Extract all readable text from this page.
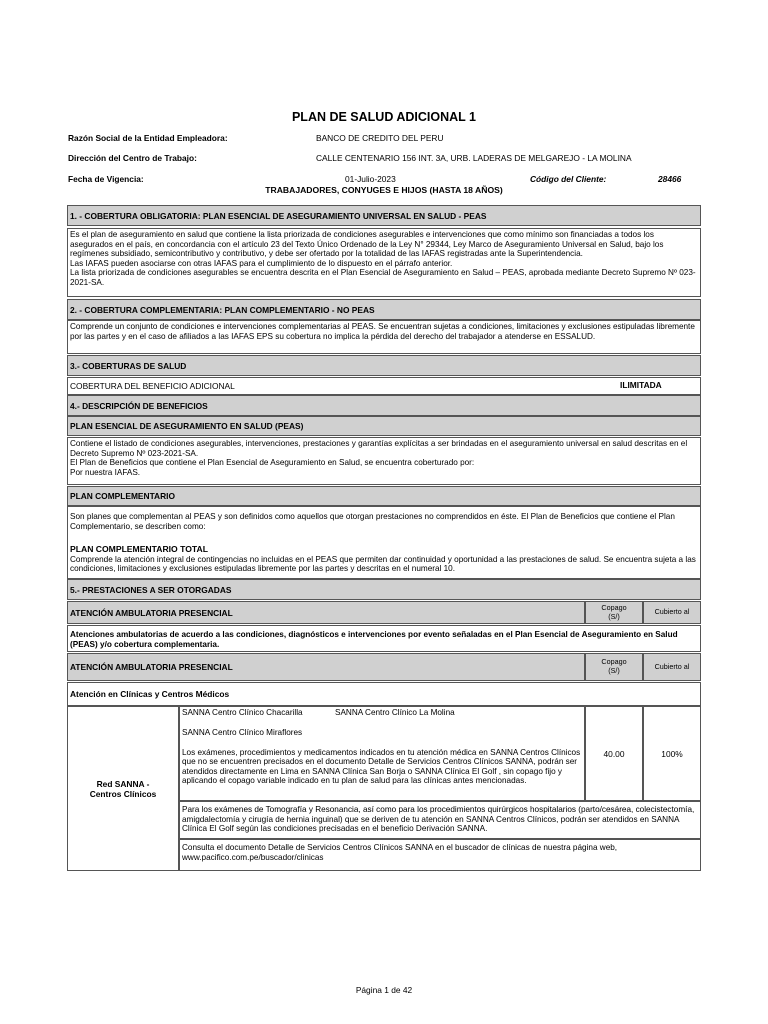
PLAN DE SALUD ADICIONAL 1
Razón Social de la Entidad Empleadora:	BANCO DE CREDITO DEL PERU
Dirección del Centro de Trabajo:	CALLE CENTENARIO 156 INT. 3A, URB. LADERAS DE MELGAREJO - LA MOLINA
Fecha de Vigencia:	01-Julio-2023	Código del Cliente:	28466
TRABAJADORES, CONYUGES E HIJOS (HASTA 18 AÑOS)
1. - COBERTURA OBLIGATORIA: PLAN ESENCIAL DE ASEGURAMIENTO UNIVERSAL EN SALUD - PEAS
Es el plan de aseguramiento en salud que contiene la lista priorizada de condiciones asegurables e intervenciones que como mínimo son financiadas a todos los asegurados en el país, en concordancia con el artículo 23 del Texto Único Ordenado de la Ley N° 29344, Ley Marco de Aseguramiento Universal en Salud, bajo los regímenes subsidiado, semicontributivo y contributivo, y debe ser ofertado por la totalidad de las IAFAS registradas ante la Superintendencia.
Las IAFAS pueden asociarse con otras IAFAS para el cumplimiento de lo dispuesto en el párrafo anterior.
La lista priorizada de condiciones asegurables se encuentra descrita en el Plan Esencial de Aseguramiento en Salud – PEAS, aprobada mediante Decreto Supremo Nº 023-2021-SA.
2. - COBERTURA COMPLEMENTARIA: PLAN COMPLEMENTARIO - NO PEAS
Comprende un conjunto de condiciones e intervenciones complementarias al PEAS. Se encuentran sujetas a condiciones, limitaciones y exclusiones estipuladas libremente por las partes y en el caso de afiliados a las IAFAS EPS su cobertura no implica la pérdida del derecho del trabajador a atenderse en ESSALUD.
3.- COBERTURAS DE SALUD
COBERTURA DEL BENEFICIO ADICIONAL	ILIMITADA
4.- DESCRIPCIÓN DE BENEFICIOS
PLAN ESENCIAL DE ASEGURAMIENTO EN SALUD (PEAS)
Contiene el listado de condiciones asegurables, intervenciones, prestaciones y garantías explícitas a ser brindadas en el aseguramiento universal en salud descritas en el Decreto Supremo Nº 023-2021-SA.
El Plan de Beneficios que contiene el Plan Esencial de Aseguramiento en Salud, se encuentra coberturado por:
Por nuestra IAFAS.
PLAN COMPLEMENTARIO
Son planes que complementan al PEAS y son definidos como aquellos que otorgan prestaciones no comprendidos en éste. El Plan de Beneficios que contiene el Plan Complementario, se describen como:
PLAN COMPLEMENTARIO TOTAL
Comprende la atención integral de contingencias no incluidas en el PEAS que permiten dar continuidad y oportunidad a las prestaciones de salud. Se encuentra sujeta a las condiciones, limitaciones y exclusiones estipuladas libremente por las partes y descritas en el numeral 10.
5.- PRESTACIONES A SER OTORGADAS
ATENCIÓN AMBULATORIA PRESENCIAL
Copago (S/)	Cubierto al
Atenciones ambulatorias de acuerdo a las condiciones, diagnósticos e intervenciones por evento señaladas en el Plan Esencial de Aseguramiento en Salud (PEAS) y/o cobertura complementaria.
ATENCIÓN AMBULATORIA PRESENCIAL
Copago (S/)	Cubierto al
Atención en Clínicas y Centros Médicos
Red SANNA - Centros Clínicos
SANNA Centro Clínico Chacarilla	SANNA Centro Clínico La Molina
SANNA Centro Clínico Miraflores
Los exámenes, procedimientos y medicamentos indicados en tu atención médica en SANNA Centros Clínicos que no se encuentren precisados en el documento Detalle de Servicios Centros Clínicos SANNA, podrán ser atendidos directamente en Lima en SANNA Clínica San Borja o SANNA Clínica El Golf , sin copago fijo y aplicando el copago variable indicado en tu plan de salud para las clínicas antes mencionadas.
40.00	100%
Para los exámenes de Tomografía y Resonancia, así como para los procedimientos quirúrgicos hospitalarios (parto/cesárea, colecistectomía, amigdalectomía y cirugía de hernia inguinal) que se deriven de tu atención en SANNA Centros Clínicos, podrán ser atendidos en SANNA Clínica El Golf según las condiciones precisadas en el beneficio Derivación SANNA.
Consulta el documento Detalle de Servicios Centros Clínicos SANNA en el buscador de clínicas de nuestra página web, www.pacifico.com.pe/buscador/clinicas
Página 1 de 42
